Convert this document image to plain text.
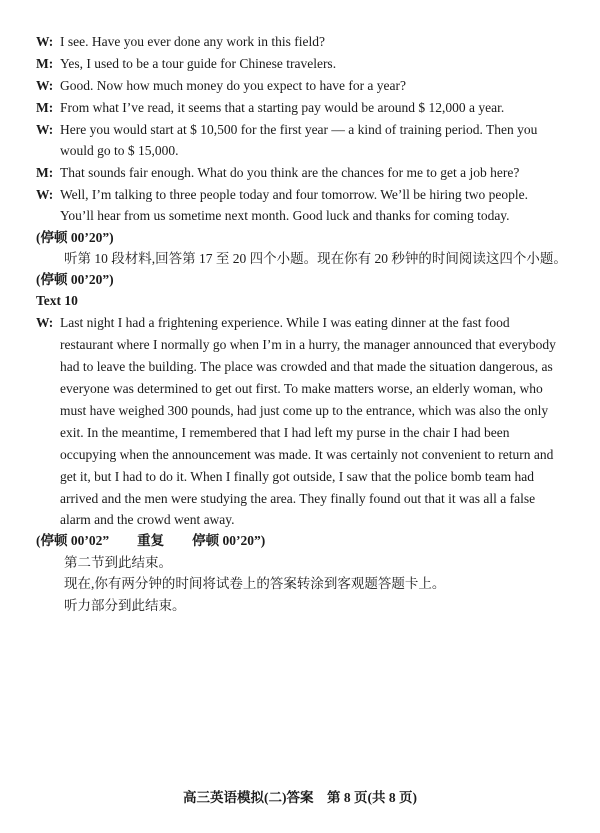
W: I see. Have you ever done any work in this field?
M: Yes, I used to be a tour guide for Chinese travelers.
W: Good. Now how much money do you expect to have for a year?
M: From what I’ve read, it seems that a starting pay would be around $ 12,000 a year.
W: Here you would start at $ 10,500 for the first year — a kind of training period. Then you
would go to $ 15,000.
M: That sounds fair enough. What do you think are the chances for me to get a job here?
W: Well, I’m talking to three people today and four tomorrow. We’ll be hiring two people.
You’ll hear from us sometime next month. Good luck and thanks for coming today.
(停顿 00’20”)
听第 10 段材料,回答第 17 至 20 四个小题。现在你有 20 秒钟的时间阅读这四个小题。
(停顿 00’20”)
Text 10
W: Last night I had a frightening experience. While I was eating dinner at the fast food
restaurant where I normally go when I’m in a hurry, the manager announced that everybody
had to leave the building. The place was crowded and that made the situation dangerous, as
everyone was determined to get out first. To make matters worse, an elderly woman, who
must have weighed 300 pounds, had just come up to the entrance, which was also the only
exit. In the meantime, I remembered that I had left my purse in the chair I had been
occupying when the announcement was made. It was certainly not convenient to return and
get it, but I had to do it. When I finally got outside, I saw that the police bomb team had
arrived and the men were studying the area. They finally found out that it was all a false
alarm and the crowd went away.
(停顿 00’02” 重复 停顿 00’20”)
第二节到此结束。
现在,你有两分钟的时间将试卷上的答案转涂到客观题答题卡上。
听力部分到此结束。
高三英语模拟(二)答案　第 8 页(共 8 页)
